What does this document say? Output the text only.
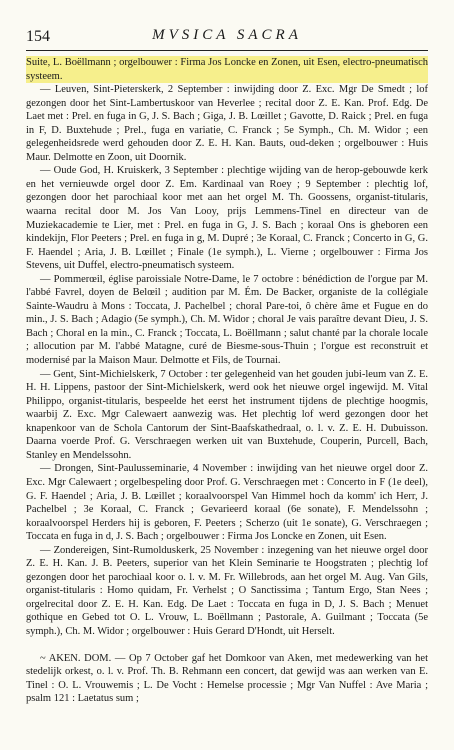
154	MVSICA SACRA

Suite, L. Boëllmann ; orgelbouwer : Firma Jos Loncke en Zonen, uit Esen, electro-pneumatisch systeem.

— Leuven, Sint-Pieterskerk, 2 September : inwijding door Z. Exc. Mgr De Smedt ; lof gezongen door het Sint-Lambertuskoor van Heverlee ; recital door Z. E. Kan. Prof. Edg. De Laet met : Prel. en fuga in G, J. S. Bach ; Giga, J. B. Lœillet ; Gavotte, D. Raick ; Prel. en fuga in F, D. Buxtehude ; Prel., fuga en variatie, C. Franck ; 5e Symph., Ch. M. Widor ; een gelegenheidsrede werd gehouden door Z. E. H. Kan. Bauts, oud-deken ; orgelbouwer : Huis Maur. Delmotte en Zoon, uit Doornik.

— Oude God, H. Kruiskerk, 3 September : plechtige wijding van de herop-gebouwde kerk en het vernieuwde orgel door Z. Em. Kardinaal van Roey ; 9 September : plechtig lof, gezongen door het parochiaal koor met aan het orgel M. Th. Goossens, organist-titularis, waarna recital door M. Jos Van Looy, prijs Lemmens-Tinel en directeur van de Muziekacademie te Lier, met : Prel. en fuga in G, J. S. Bach ; koraal Ons is gheboren een kindekijn, Flor Peeters ; Prel. en fuga in g, M. Dupré ; 3e Koraal, C. Franck ; Concerto in G, G. F. Haendel ; Aria, J. B. Lœillet ; Finale (1e symph.), L. Vierne ; orgelbouwer : Firma Jos Stevens, uit Duffel, electro-pneumatisch systeem.

— Pommerœil, église paroissiale Notre-Dame, le 7 octobre : bénédiction de l'orgue par M. l'abbé Favrel, doyen de Belœil ; audition par M. Ém. De Backer, organiste de la collégiale Sainte-Waudru à Mons : Toccata, J. Pachelbel ; choral Pare-toi, ô chère âme et Fugue en do min., J. S. Bach ; Adagio (5e symph.), Ch. M. Widor ; choral Je vais paraître devant Dieu, J. S. Bach ; Choral en la min., C. Franck ; Toccata, L. Boëllmann ; salut chanté par la chorale locale ; allocution par M. l'abbé Matagne, curé de Biesme-sous-Thuin ; l'orgue est reconstruit et modernisé par la Maison Maur. Delmotte et Fils, de Tournai.

— Gent, Sint-Michielskerk, 7 October : ter gelegenheid van het gouden jubi-leum van Z. E. H. H. Lippens, pastoor der Sint-Michielskerk, werd ook het nieuwe orgel ingewijd. M. Vital Philippo, organist-titularis, bespeelde het eerst het instrument tijdens de plechtige hoogmis, waarbij Z. Exc. Mgr Calewaert aanwezig was. Het plechtig lof werd gezongen door het knapenkoor van de Schola Cantorum der Sint-Baafskathedraal, o. l. v. Z. E. H. Dubuisson. Daarna voerde Prof. G. Verschraegen werken uit van Buxtehude, Couperin, Purcell, Bach, Stanley en Mendelssohn.

— Drongen, Sint-Paulusseminarie, 4 November : inwijding van het nieuwe orgel door Z. Exc. Mgr Calewaert ; orgelbespeling door Prof. G. Verschraegen met : Concerto in F (1e deel), G. F. Haendel ; Aria, J. B. Lœillet ; koraalvoorspel Van Himmel hoch da komm' ich Herr, J. Pachelbel ; 3e Koraal, C. Franck ; Gevarieerd koraal (6e sonate), F. Mendelssohn ; koraalvoorspel Herders hij is geboren, F. Peeters ; Scherzo (uit 1e sonate), G. Verschraegen ; Toccata en fuga in d, J. S. Bach ; orgelbouwer : Firma Jos Loncke en Zonen, uit Esen.

— Zondereigen, Sint-Rumolduskerk, 25 November : inzegening van het nieuwe orgel door Z. E. H. Kan. J. B. Peeters, superior van het Klein Seminarie te Hoogstraten ; plechtig lof gezongen door het parochiaal koor o. l. v. M. Fr. Willebrods, aan het orgel M. Aug. Van Gils, organist-titularis : Homo quidam, Fr. Verhelst ; O Sanctissima ; Tantum Ergo, Stan Nees ; orgelrecital door Z. E. H. Kan. Edg. De Laet : Toccata en fuga in D, J. S. Bach ; Menuet gothique en Gebed tot O. L. Vrouw, L. Boëllmann ; Pastorale, A. Guilmant ; Toccata (5e symph.), Ch. M. Widor ; orgelbouwer : Huis Gerard D'Hondt, uit Herselt.

~ AKEN. DOM. — Op 7 October gaf het Domkoor van Aken, met medewerking van het stedelijk orkest, o. l. v. Prof. Th. B. Rehmann een concert, dat gewijd was aan werken van E. Tinel : O. L. Vrouwemis ; L. De Vocht : Hemelse processie ; Mgr Van Nuffel : Ave Maria ; psalm 121 : Laetatus sum ;
